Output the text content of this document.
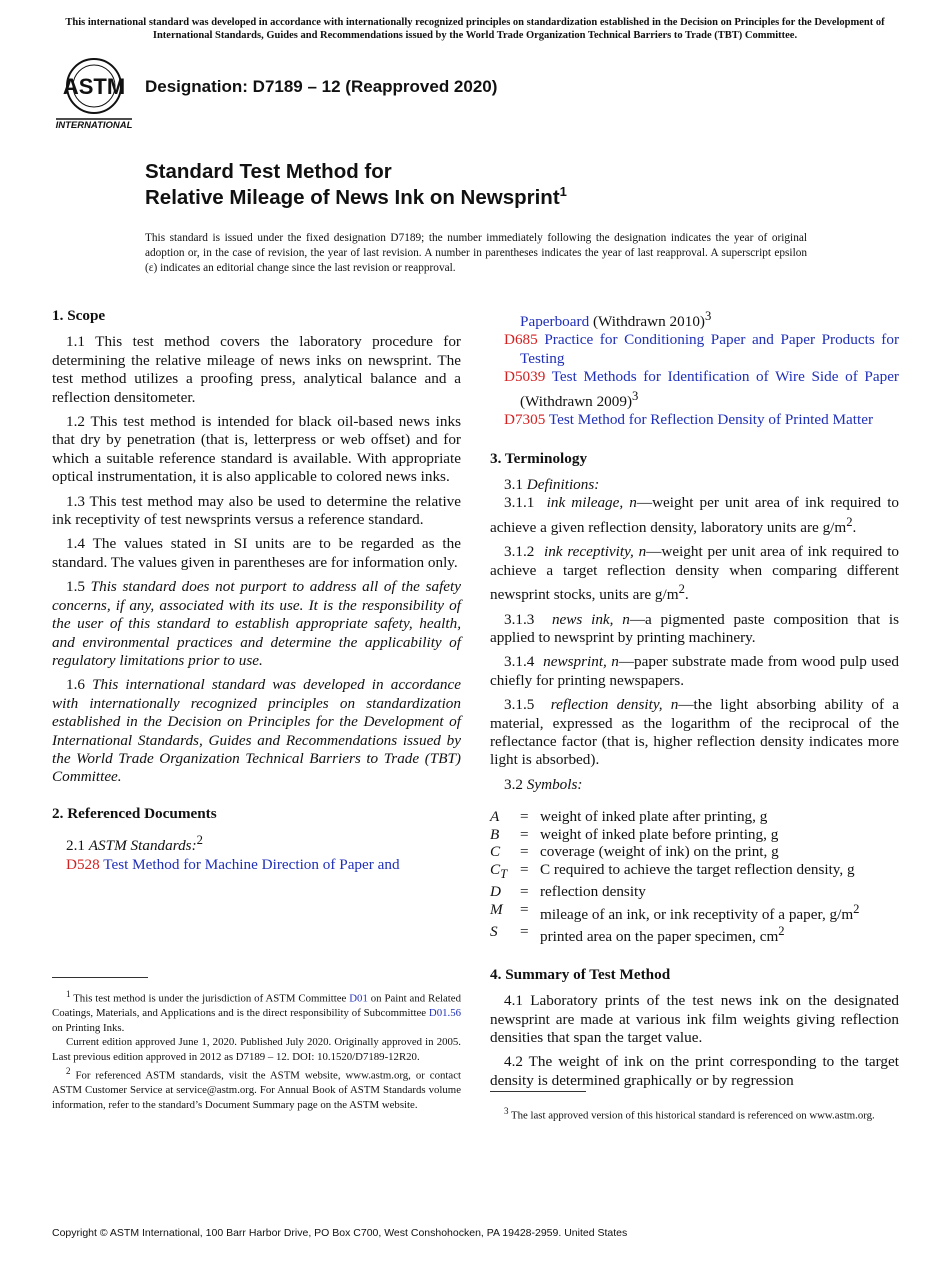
This international standard was developed in accordance with internationally recognized principles on standardization established in the Decision on Principles for the Development of International Standards, Guides and Recommendations issued by the World Trade Organization Technical Barriers to Trade (TBT) Committee.
ASTM
INTERNATIONAL
Designation: D7189 – 12 (Reapproved 2020)
Standard Test Method for
Relative Mileage of News Ink on Newsprint$^1$
This standard is issued under the fixed designation D7189; the number immediately following the designation indicates the year of original adoption or, in the case of revision, the year of last revision. A number in parentheses indicates the year of last reapproval. A superscript epsilon (ε) indicates an editorial change since the last revision or reapproval.
1. Scope

1.1 This test method covers the laboratory procedure for determining the relative mileage of news inks on newsprint. The test method utilizes a proofing press, analytical balance and a reflection densitometer.

1.2 This test method is intended for black oil-based news inks that dry by penetration (that is, letterpress or web offset) and for which a suitable reference standard is available. With appropriate optical instrumentation, it is also applicable to colored news inks.

1.3 This test method may also be used to determine the relative ink receptivity of test newsprints versus a reference standard.

1.4 The values stated in SI units are to be regarded as the standard. The values given in parentheses are for information only.

1.5 This standard does not purport to address all of the safety concerns, if any, associated with its use. It is the responsibility of the user of this standard to establish appropriate safety, health, and environmental practices and determine the applicability of regulatory limitations prior to use.

1.6 This international standard was developed in accordance with internationally recognized principles on standardization established in the Decision on Principles for the Development of International Standards, Guides and Recommendations issued by the World Trade Organization Technical Barriers to Trade (TBT) Committee.

2. Referenced Documents

2.1 ASTM Standards:$^2$

D528 Test Method for Machine Direction of Paper and

Paperboard (Withdrawn 2010)$^3$

D685 Practice for Conditioning Paper and Paper Products for Testing

D5039 Test Methods for Identification of Wire Side of Paper (Withdrawn 2009)$^3$

D7305 Test Method for Reflection Density of Printed Matter

3. Terminology

3.1 Definitions:

3.1.1 ink mileage, n—weight per unit area of ink required to achieve a given reflection density, laboratory units are $g/m^2$.

3.1.2 ink receptivity, n—weight per unit area of ink required to achieve a target reflection density when comparing different newsprint stocks, units are $g/m^2$.

3.1.3 news ink, n—a pigmented paste composition that is applied to newsprint by printing machinery.

3.1.4 newsprint, n—paper substrate made from wood pulp used chiefly for printing newspapers.

3.1.5 reflection density, n—the light absorbing ability of a material, expressed as the logarithm of the reciprocal of the reflectance factor (that is, higher reflection density indicates more light is absorbed).

3.2 Symbols:

A	= weight of inked plate after printing, g
B	= weight of inked plate before printing, g
C	= coverage (weight of ink) on the print, g
$C_T = C$ required to achieve the target reflection density, g
D	= reflection density
M	= mileage of an ink, or ink receptivity of a paper, $g/m^2$
S	= printed area on the paper specimen, $cm^2$
4. Summary of Test Method

4.1 Laboratory prints of the test news ink on the designated newsprint are made at various ink film weights giving reflection densities that span the target value.

4.2 The weight of ink on the print corresponding to the target density is determined graphically or by regression

$^1$ This test method is under the jurisdiction of ASTM Committee D01 on Paint and Related Coatings, Materials, and Applications and is the direct responsibility of Subcommittee D01.56 on Printing Inks.

Current edition approved June 1, 2020. Published July 2020. Originally approved in 2005. Last previous edition approved in 2012 as D7189 – 12. DOI: 10.1520/D7189-12R20.

$^2$ For referenced ASTM standards, visit the ASTM website, www.astm.org, or contact ASTM Customer Service at service@astm.org. For Annual Book of ASTM Standards volume information, refer to the standard’s Document Summary page on the ASTM website.

$^3$ The last approved version of this historical standard is referenced on www.astm.org.

Copyright © ASTM International, 100 Barr Harbor Drive, PO Box C700, West Conshohocken, PA 19428-2959. United States
